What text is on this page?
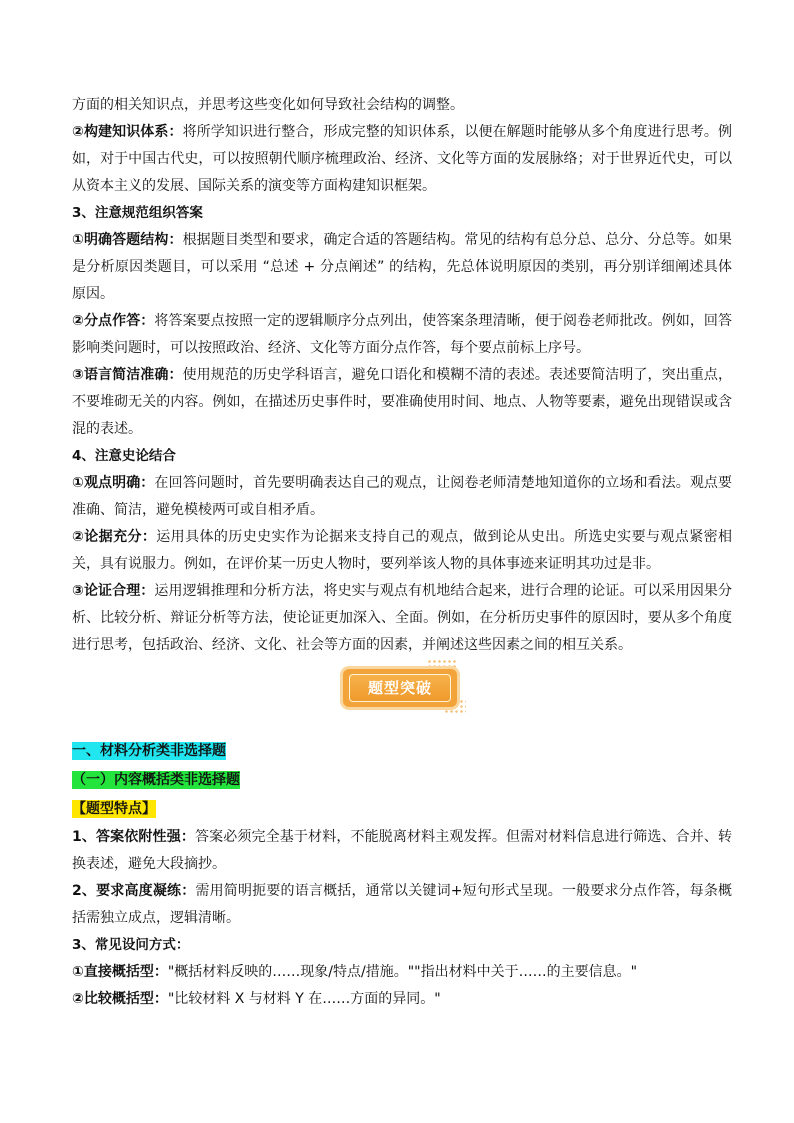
方面的相关知识点，并思考这些变化如何导致社会结构的调整。

②构建知识体系：将所学知识进行整合，形成完整的知识体系，以便在解题时能够从多个角度进行思考。例如，对于中国古代史，可以按照朝代顺序梳理政治、经济、文化等方面的发展脉络；对于世界近代史，可以从资本主义的发展、国际关系的演变等方面构建知识框架。

3、注意规范组织答案

①明确答题结构：根据题目类型和要求，确定合适的答题结构。常见的结构有总分总、总分、分总等。如果是分析原因类题目，可以采用 “总述 + 分点阐述” 的结构，先总体说明原因的类别，再分别详细阐述具体原因。

②分点作答：将答案要点按照一定的逻辑顺序分点列出，使答案条理清晰，便于阅卷老师批改。例如，回答影响类问题时，可以按照政治、经济、文化等方面分点作答，每个要点前标上序号。

③语言简洁准确：使用规范的历史学科语言，避免口语化和模糊不清的表述。表述要简洁明了，突出重点，不要堆砌无关的内容。例如，在描述历史事件时，要准确使用时间、地点、人物等要素，避免出现错误或含混的表述。

4、注意史论结合

①观点明确：在回答问题时，首先要明确表达自己的观点，让阅卷老师清楚地知道你的立场和看法。观点要准确、简洁，避免模棱两可或自相矛盾。

②论据充分：运用具体的历史史实作为论据来支持自己的观点，做到论从史出。所选史实要与观点紧密相关，具有说服力。例如，在评价某一历史人物时，要列举该人物的具体事迹来证明其功过是非。

③论证合理：运用逻辑推理和分析方法，将史实与观点有机地结合起来，进行合理的论证。可以采用因果分析、比较分析、辩证分析等方法，使论证更加深入、全面。例如，在分析历史事件的原因时，要从多个角度进行思考，包括政治、经济、文化、社会等方面的因素，并阐述这些因素之间的相互关系。

题型突破

一、材料分析类非选择题

（一）内容概括类非选择题

【题型特点】

1、答案依附性强：答案必须完全基于材料，不能脱离材料主观发挥。但需对材料信息进行筛选、合并、转换表述，避免大段摘抄。

2、要求高度凝练：需用简明扼要的语言概括，通常以关键词+短句形式呈现。一般要求分点作答，每条概括需独立成点，逻辑清晰。

3、常见设问方式：

①直接概括型："概括材料反映的……现象/特点/措施。""指出材料中关于……的主要信息。"

②比较概括型："比较材料 X 与材料 Y 在……方面的异同。"
